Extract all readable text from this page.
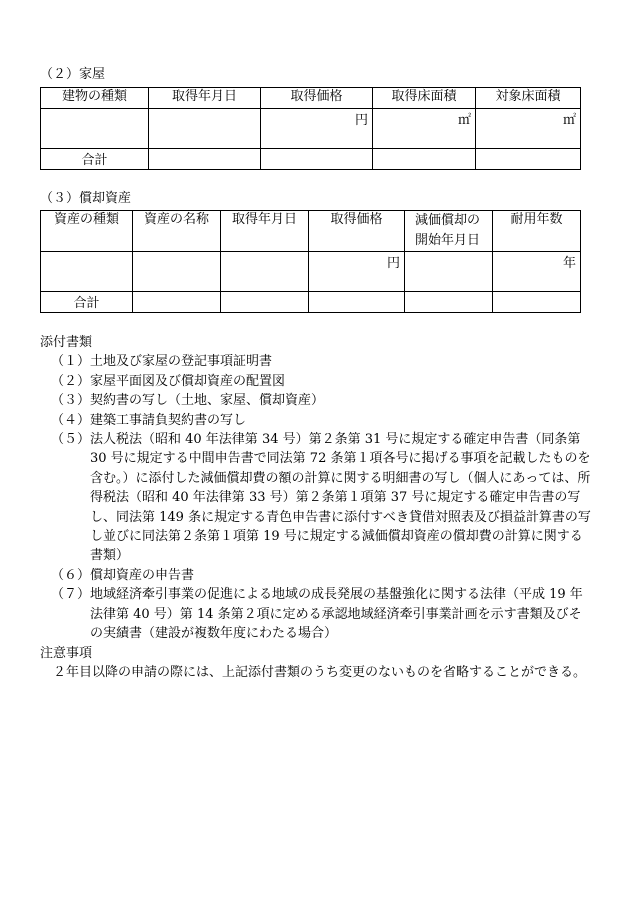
（２）家屋
建物の種類	取得年月日	取得価格	取得床面積	対象床面積
		円	㎡	㎡
合計				
（３）償却資産
資産の種類	資産の名称	取得年月日	取得価格	減価償却の開始年月日	耐用年数
			円		年
合計					
添付書類
（１） 土地及び家屋の登記事項証明書
（２） 家屋平面図及び償却資産の配置図
（３） 契約書の写し（土地、家屋、償却資産）
（４） 建築工事請負契約書の写し
（５） 法人税法（昭和 40 年法律第 34 号）第２条第 31 号に規定する確定申告書（同条第 30 号に規定する中間申告書で同法第 72 条第１項各号に掲げる事項を記載したものを含む。）に添付した減価償却費の額の計算に関する明細書の写し（個人にあっては、所得税法（昭和 40 年法律第 33 号）第２条第１項第 37 号に規定する確定申告書の写し、同法第 149 条に規定する青色申告書に添付すべき貸借対照表及び損益計算書の写し並びに同法第２条第１項第 19 号に規定する減価償却資産の償却費の計算に関する書類）
（６） 償却資産の申告書
（７） 地域経済牽引事業の促進による地域の成長発展の基盤強化に関する法律（平成 19 年法律第 40 号）第 14 条第２項に定める承認地域経済牽引事業計画を示す書類及びその実績書（建設が複数年度にわたる場合）
注意事項
２年目以降の申請の際には、上記添付書類のうち変更のないものを省略することができる。
